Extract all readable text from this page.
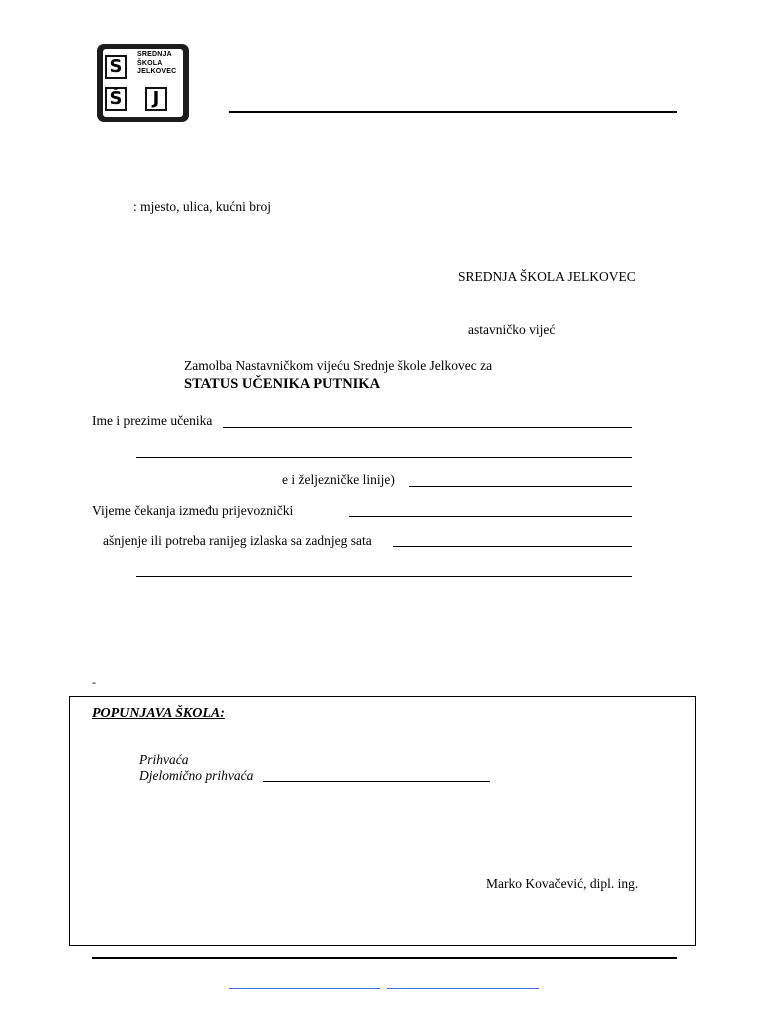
S
Š	J
SREDNJA
ŠKOLA
JELKOVEC
: mjesto, ulica, kućni broj
SREDNJA ŠKOLA JELKOVEC
astavničko vijeć
Zamolba Nastavničkom vijeću Srednje škole Jelkovec za
STATUS UČENIKA PUTNIKA
Ime i prezime učenika
e i željezničke linije)
Vijeme čekanja između prijevoznički
ašnjenje ili potreba ranijeg izlaska sa zadnjeg sata
-
POPUNJAVA ŠKOLA:
Prihvaća
Djelomično prihvaća
Marko Kovačević, dipl. ing.
